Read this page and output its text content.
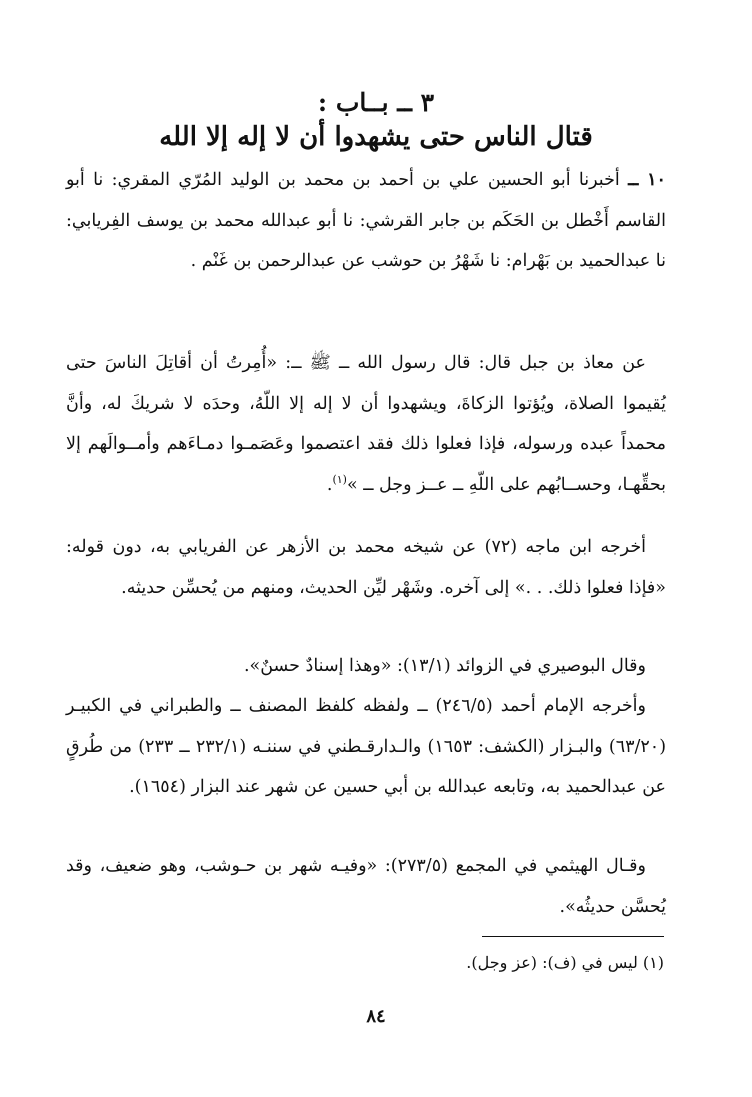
٣ ــ بــاب :
قتال الناس حتى يشهدوا أن لا إله إلا الله

١٠ ــ أخبرنا أبو الحسين علي بن أحمد بن محمد بن الوليد المُرّي المقري: نا أبو القاسم أَخْطل بن الحَكَم بن جابر القرشي: نا أبو عبدالله محمد بن يوسف الفِريابي: نا عبدالحميد بن بَهْرام: نا شَهْرُ بن حوشب عن عبدالرحمن بن غَنْم .

عن معاذ بن جبل قال: قال رسول الله ــ ﷺ ــ: «أُمِرتُ أن أقاتِلَ الناسَ حتى يُقيموا الصلاة، ويُؤتوا الزكاةَ، ويشهدوا أن لا إله إلا اللّهُ، وحدَه لا شريكَ له، وأنَّ محمداً عبده ورسوله، فإذا فعلوا ذلك فقد اعتصموا وعَصَمـوا دمـاءَهم وأمــوالَهم إلا بحقِّهـا، وحســابُهم على اللّهِ ــ عــز وجل ــ »$^{(١)}$.

أخرجه ابن ماجه (٧٢) عن شيخه محمد بن الأزهر عن الفريابي به، دون قوله: «فإذا فعلوا ذلك. . .» إلى آخره. وشَهْر ليِّن الحديث، ومنهم من يُحسِّن حديثه.

وقال البوصيري في الزوائد (١٣/١): «وهذا إسنادٌ حسنٌ».

وأخرجه الإمام أحمد (٢٤٦/٥) ــ ولفظه كلفظ المصنف ــ والطبراني في الكبيـر (٦٣/٢٠) والبـزار (الكشف: ١٦٥٣) والـدارقـطني في سننـه (٢٣٢/١ ــ ٢٣٣) من طُرقٍ عن عبدالحميد به، وتابعه عبدالله بن أبي حسين عن شهر عند البزار (١٦٥٤).

وقـال الهيثمي في المجمع (٢٧٣/٥): «وفيـه شهر بن حـوشب، وهو ضعيف، وقد يُحسَّن حديثُه».

(١) ليس في (ف): (عز وجل).
٨٤
